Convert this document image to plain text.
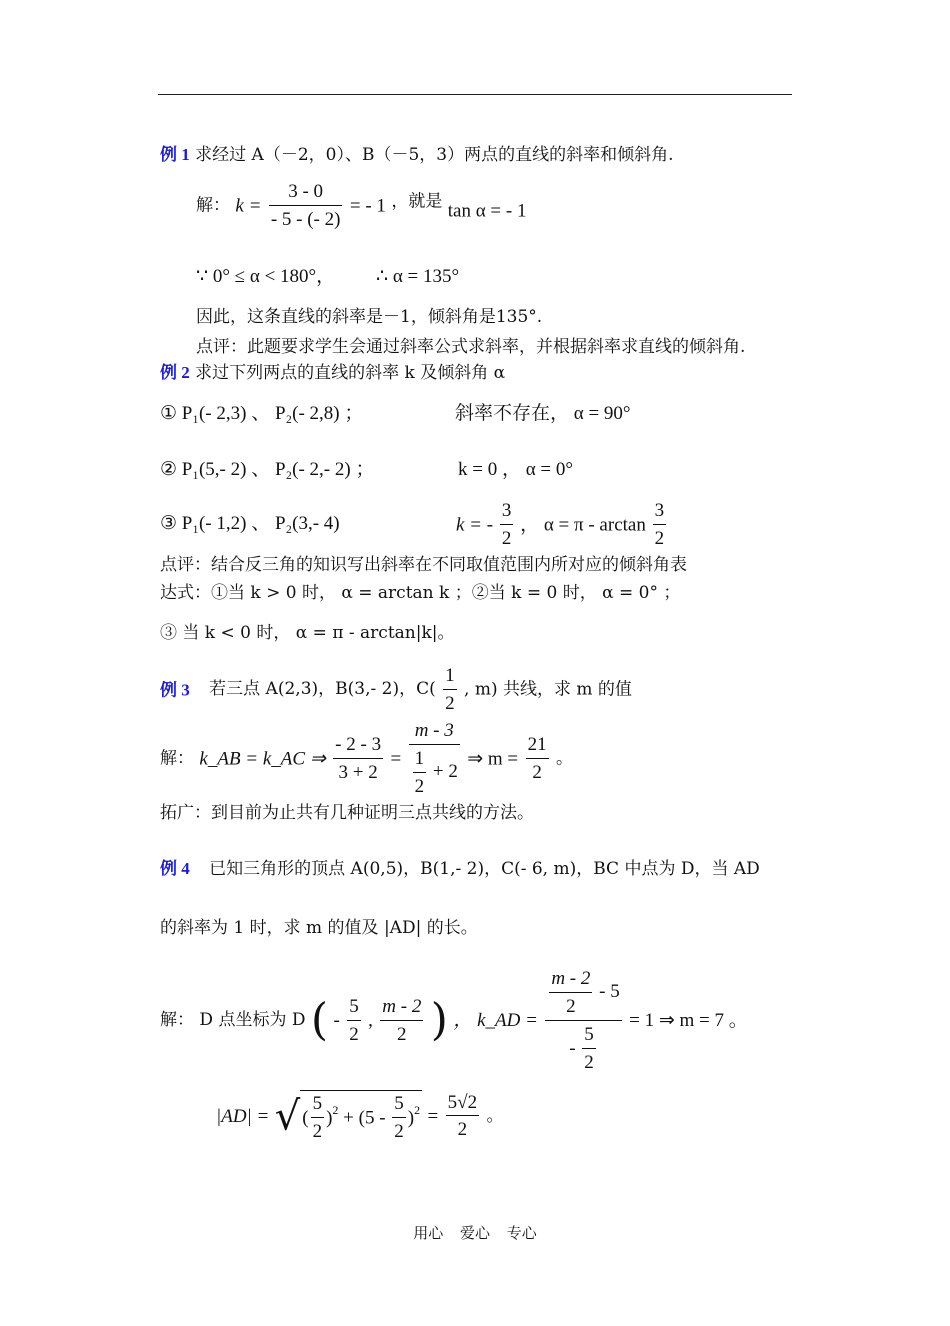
例 1 求经过 A（－2，0）、B（－5，3）两点的直线的斜率和倾斜角.
解： $k = \frac{3 - 0}{- 5 - (- 2)}$ = - 1 ，就是 tan α = - 1
∵ 0° ≤ α < 180°， ∴ α = 135°
因此，这条直线的斜率是－1，倾斜角是135°.
点评：此题要求学生会通过斜率公式求斜率，并根据斜率求直线的倾斜角.
例 2 求过下列两点的直线的斜率 k 及倾斜角 α
① P₁(- 2,3) 、 P₂(- 2,8) ；	斜率不存在， α = 90°
② P₁(5,- 2) 、 P₂(- 2,- 2) ；	k = 0 ， α = 0°
③ P₁(- 1,2) 、 P₂(3,- 4)	k = - $\frac{3}{2}$ ， $\alpha = \pi - \arctan \frac{3}{2}$
点评：结合反三角的知识写出斜率在不同取值范围内所对应的倾斜角表
达式：①当 k > 0 时， α = arctan k ；②当 k = 0 时， α = 0° ；
③ 当 k < 0 时， α = π - arctan|k|。
例 3 若三点 A(2,3)，B(3,- 2)，$C( \frac{1}{2}$ , m) 共线，求 m 的值
解： k_AB = k_AC ⇒ $\frac{- 2 - 3}{3 + 2} = \frac{m - 3}{\frac{1}{2} + 2}$ ⇒ $m = \frac{21}{2}$ 。
拓广：到目前为止共有几种证明三点共线的方法。
例 4 已知三角形的顶点 A(0,5)，B(1,- 2)，C(- 6, m)，BC 中点为 D，当 AD
的斜率为 1 时，求 m 的值及 |AD| 的长。
解： D 点坐标为 D ( - $\frac{5}{2}$ , $\frac{m - 2}{2}$ ) ， k_AD = $\frac{\frac{m - 2}{2} - 5}{- \frac{5}{2}} = 1$ ⇒ m = 7 。
|AD| = √ ( $\frac{5}{2} )^2 + (5 - \frac{5}{2} )^2 = \frac{5√2}{2}$ 。
用心 爱心 专心
